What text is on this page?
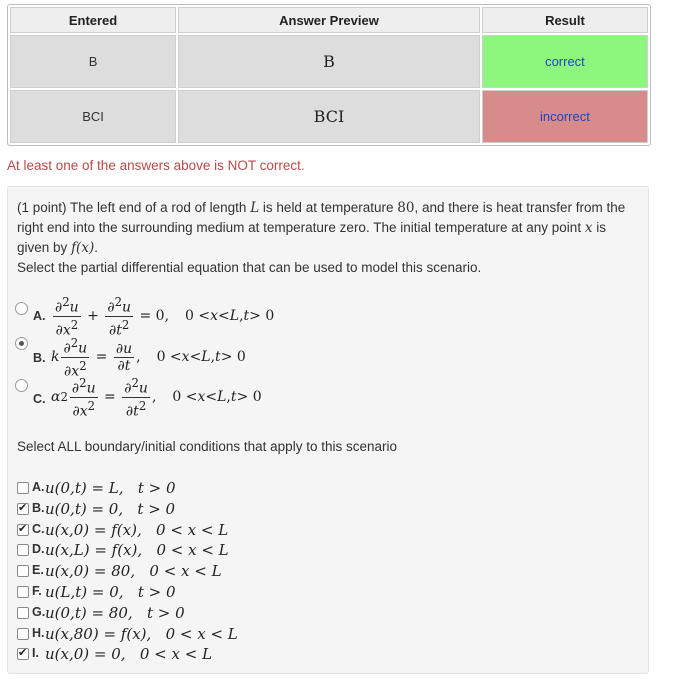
Entered	Answer Preview	Result
B	B	correct
BCI	BCI	incorrect
At least one of the answers above is NOT correct.

(1 point) The left end of a rod of length L is held at temperature 80, and there is heat transfer from the right end into the surrounding medium at temperature zero. The initial temperature at any point x is given by f(x).

Select the partial differential equation that can be used to model this scenario.

A. $\frac{\partial^2u}{\partial x^2} + \frac{\partial^2u}{\partial t^2} = 0$, 0 < x < L , t > 0
B. k $\frac{\partial^2u}{\partial x^2} = \frac{\partial u}{\partial t}$ ,
0 < x < L , t > 0
C. α $2 \frac{\partial^2u}{\partial x^2} = \frac{\partial^2u}{\partial t^2}$ ,
0 < x < L , t > 0
Select ALL boundary/initial conditions that apply to this scenario
A. u(0,t) = L,   t > 0
✔
B. u(0,t) = 0,   t > 0
✔
C. u(x,0) = f(x),   0 < x < L
D. u(x,L) = f(x),   0 < x < L
E. u(x,0) = 80,   0 < x < L
F. u(L,t) = 0,   t > 0
G. u(0,t) = 80,   t > 0
H. u(x,80) = f(x),   0 < x < L
✔
I. u(x,0) = 0,   0 < x < L
